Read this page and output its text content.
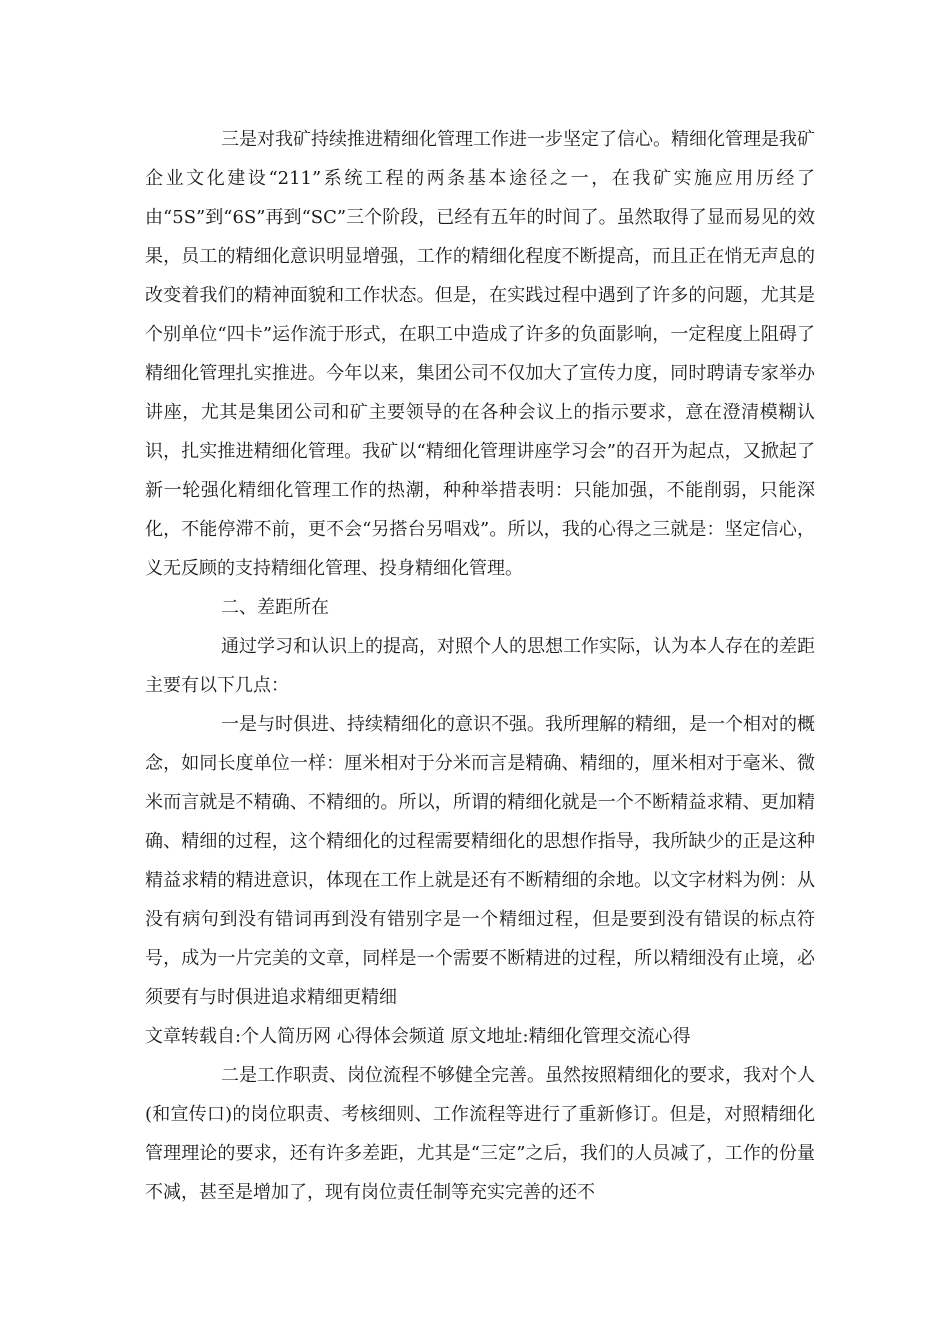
三是对我矿持续推进精细化管理工作进一步坚定了信心。精细化管理是我矿企业文化建设“211”系统工程的两条基本途径之一，在我矿实施应用历经了由“5S”到“6S”再到“SC”三个阶段，已经有五年的时间了。虽然取得了显而易见的效果，员工的精细化意识明显增强，工作的精细化程度不断提高，而且正在悄无声息的改变着我们的精神面貌和工作状态。但是，在实践过程中遇到了许多的问题，尤其是个别单位“四卡”运作流于形式，在职工中造成了许多的负面影响，一定程度上阻碍了精细化管理扎实推进。今年以来，集团公司不仅加大了宣传力度，同时聘请专家举办讲座，尤其是集团公司和矿主要领导的在各种会议上的指示要求，意在澄清模糊认识，扎实推进精细化管理。我矿以“精细化管理讲座学习会”的召开为起点，又掀起了新一轮强化精细化管理工作的热潮，种种举措表明：只能加强，不能削弱，只能深化，不能停滞不前，更不会“另搭台另唱戏”。所以，我的心得之三就是：坚定信心，义无反顾的支持精细化管理、投身精细化管理。

二、差距所在

通过学习和认识上的提高，对照个人的思想工作实际，认为本人存在的差距主要有以下几点：

一是与时俱进、持续精细化的意识不强。我所理解的精细，是一个相对的概念，如同长度单位一样：厘米相对于分米而言是精确、精细的，厘米相对于毫米、微米而言就是不精确、不精细的。所以，所谓的精细化就是一个不断精益求精、更加精确、精细的过程，这个精细化的过程需要精细化的思想作指导，我所缺少的正是这种精益求精的精进意识，体现在工作上就是还有不断精细的余地。以文字材料为例：从没有病句到没有错词再到没有错别字是一个精细过程，但是要到没有错误的标点符号，成为一片完美的文章，同样是一个需要不断精进的过程，所以精细没有止境，必须要有与时俱进追求精细更精细

文章转载自:个人简历网 心得体会频道 原文地址:精细化管理交流心得

二是工作职责、岗位流程不够健全完善。虽然按照精细化的要求，我对个人(和宣传口)的岗位职责、考核细则、工作流程等进行了重新修订。但是，对照精细化管理理论的要求，还有许多差距，尤其是“三定”之后，我们的人员减了，工作的份量不减，甚至是增加了，现有岗位责任制等充实完善的还不
